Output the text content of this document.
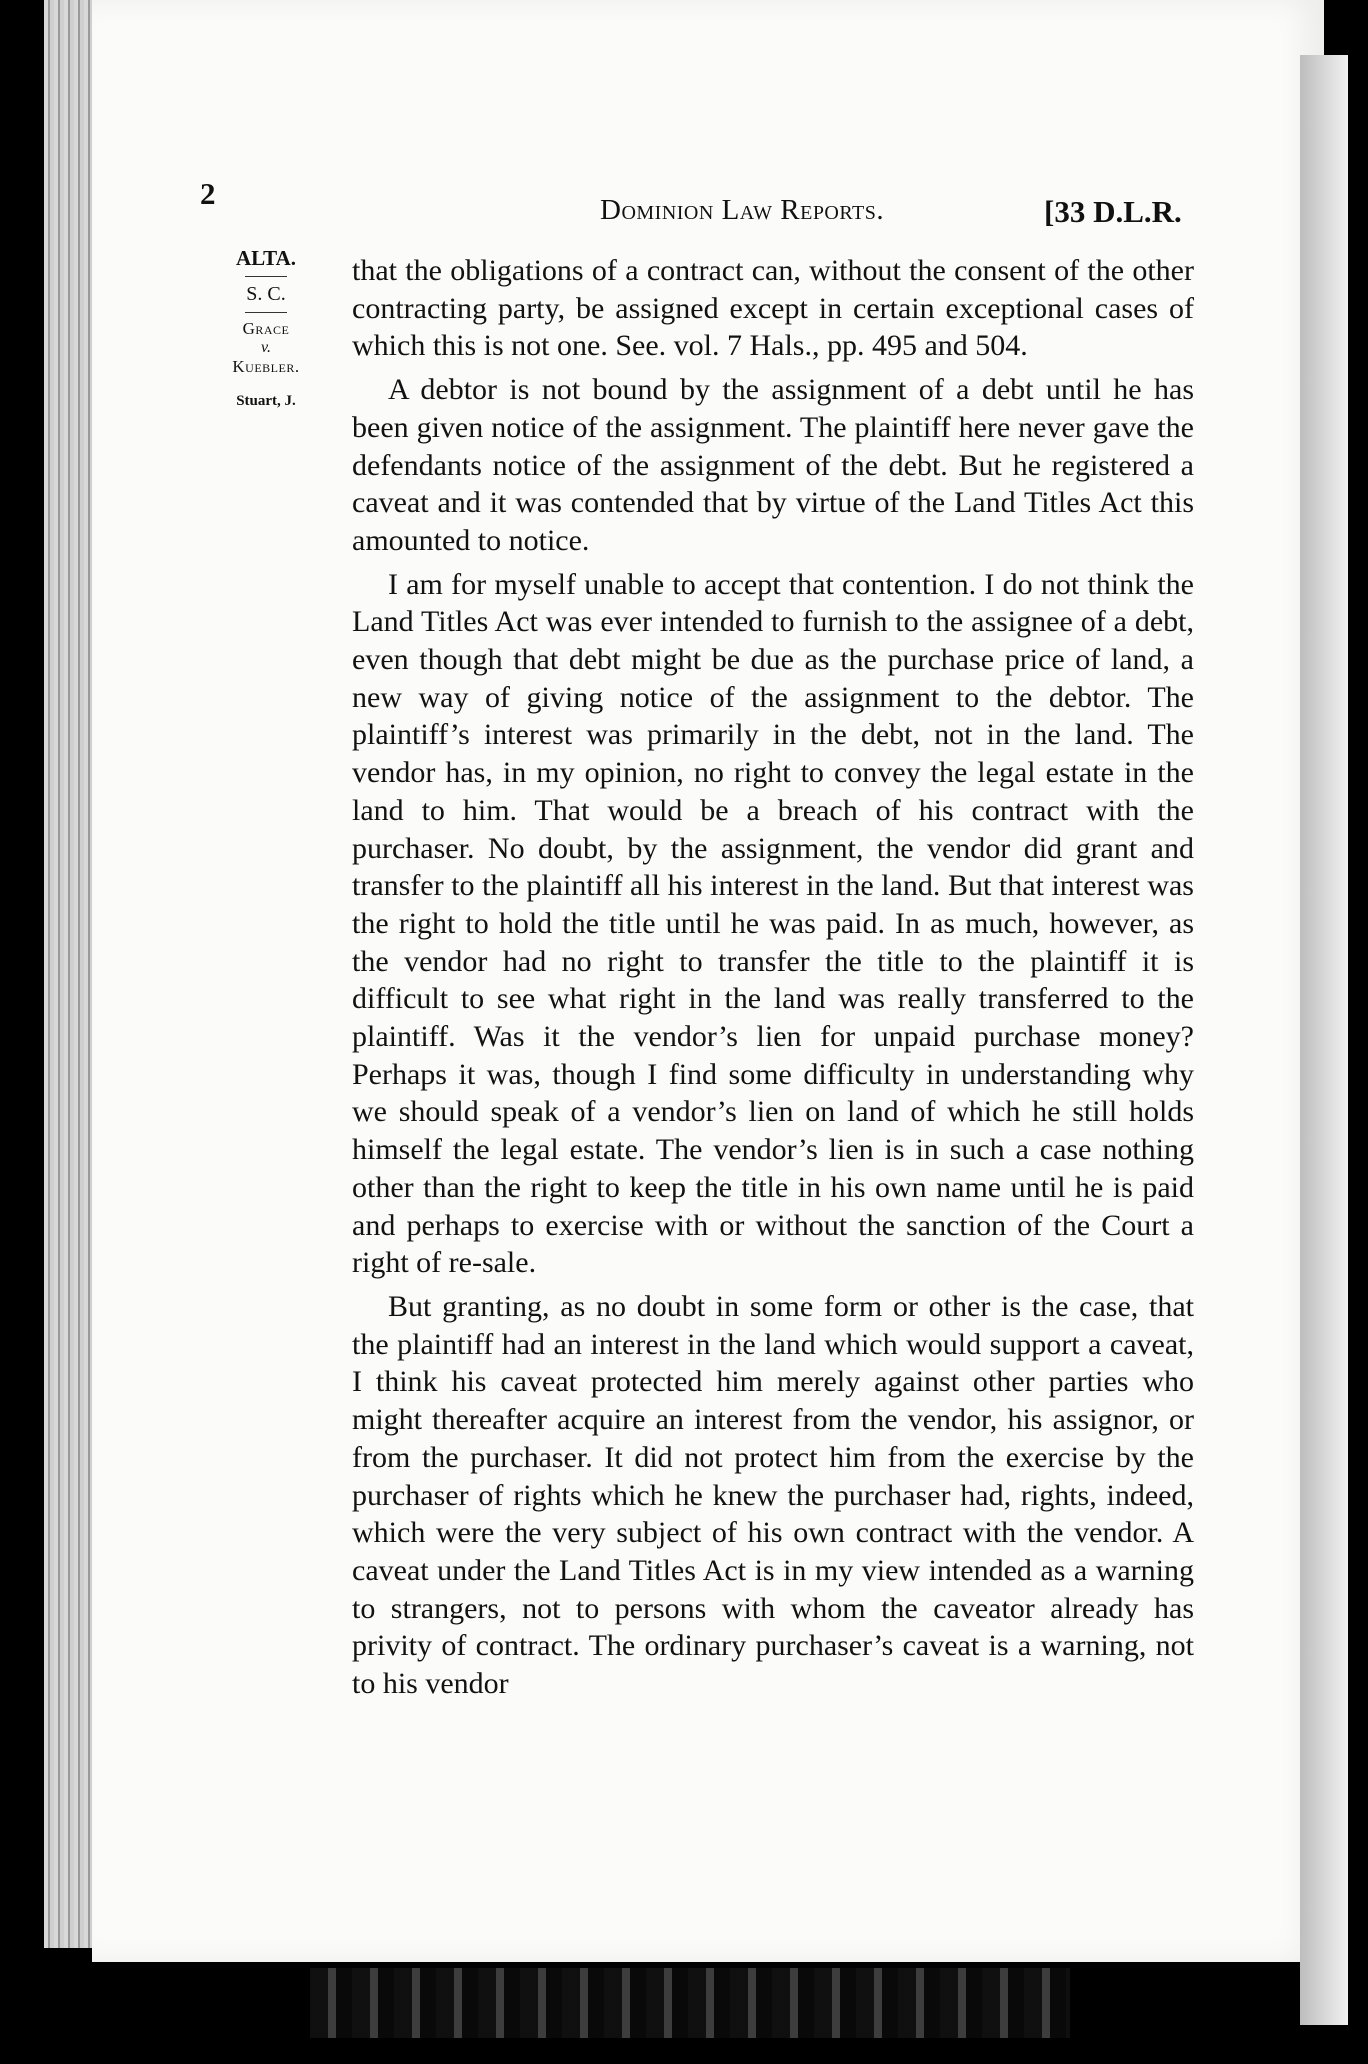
2	Dominion Law Reports.	[33 D.L.R.
ALTA.
S. C.
Grace
v.
Kuebler.
Stuart, J.

that the obligations of a contract can, without the consent of the other contracting party, be assigned except in certain exceptional cases of which this is not one. See. vol. 7 Hals., pp. 495 and 504.

A debtor is not bound by the assignment of a debt until he has been given notice of the assignment. The plaintiff here never gave the defendants notice of the assignment of the debt. But he registered a caveat and it was contended that by virtue of the Land Titles Act this amounted to notice.

I am for myself unable to accept that contention. I do not think the Land Titles Act was ever intended to furnish to the assignee of a debt, even though that debt might be due as the purchase price of land, a new way of giving notice of the assignment to the debtor. The plaintiff’s interest was primarily in the debt, not in the land. The vendor has, in my opinion, no right to convey the legal estate in the land to him. That would be a breach of his contract with the purchaser. No doubt, by the assignment, the vendor did grant and transfer to the plaintiff all his interest in the land. But that interest was the right to hold the title until he was paid. In as much, however, as the vendor had no right to transfer the title to the plaintiff it is difficult to see what right in the land was really transferred to the plaintiff. Was it the vendor’s lien for unpaid purchase money? Perhaps it was, though I find some difficulty in understanding why we should speak of a vendor’s lien on land of which he still holds himself the legal estate. The vendor’s lien is in such a case nothing other than the right to keep the title in his own name until he is paid and perhaps to exercise with or without the sanction of the Court a right of re-sale.

But granting, as no doubt in some form or other is the case, that the plaintiff had an interest in the land which would support a caveat, I think his caveat protected him merely against other parties who might thereafter acquire an interest from the vendor, his assignor, or from the purchaser. It did not protect him from the exercise by the purchaser of rights which he knew the purchaser had, rights, indeed, which were the very subject of his own contract with the vendor. A caveat under the Land Titles Act is in my view intended as a warning to strangers, not to persons with whom the caveator already has privity of contract. The ordinary purchaser’s caveat is a warning, not to his vendor
